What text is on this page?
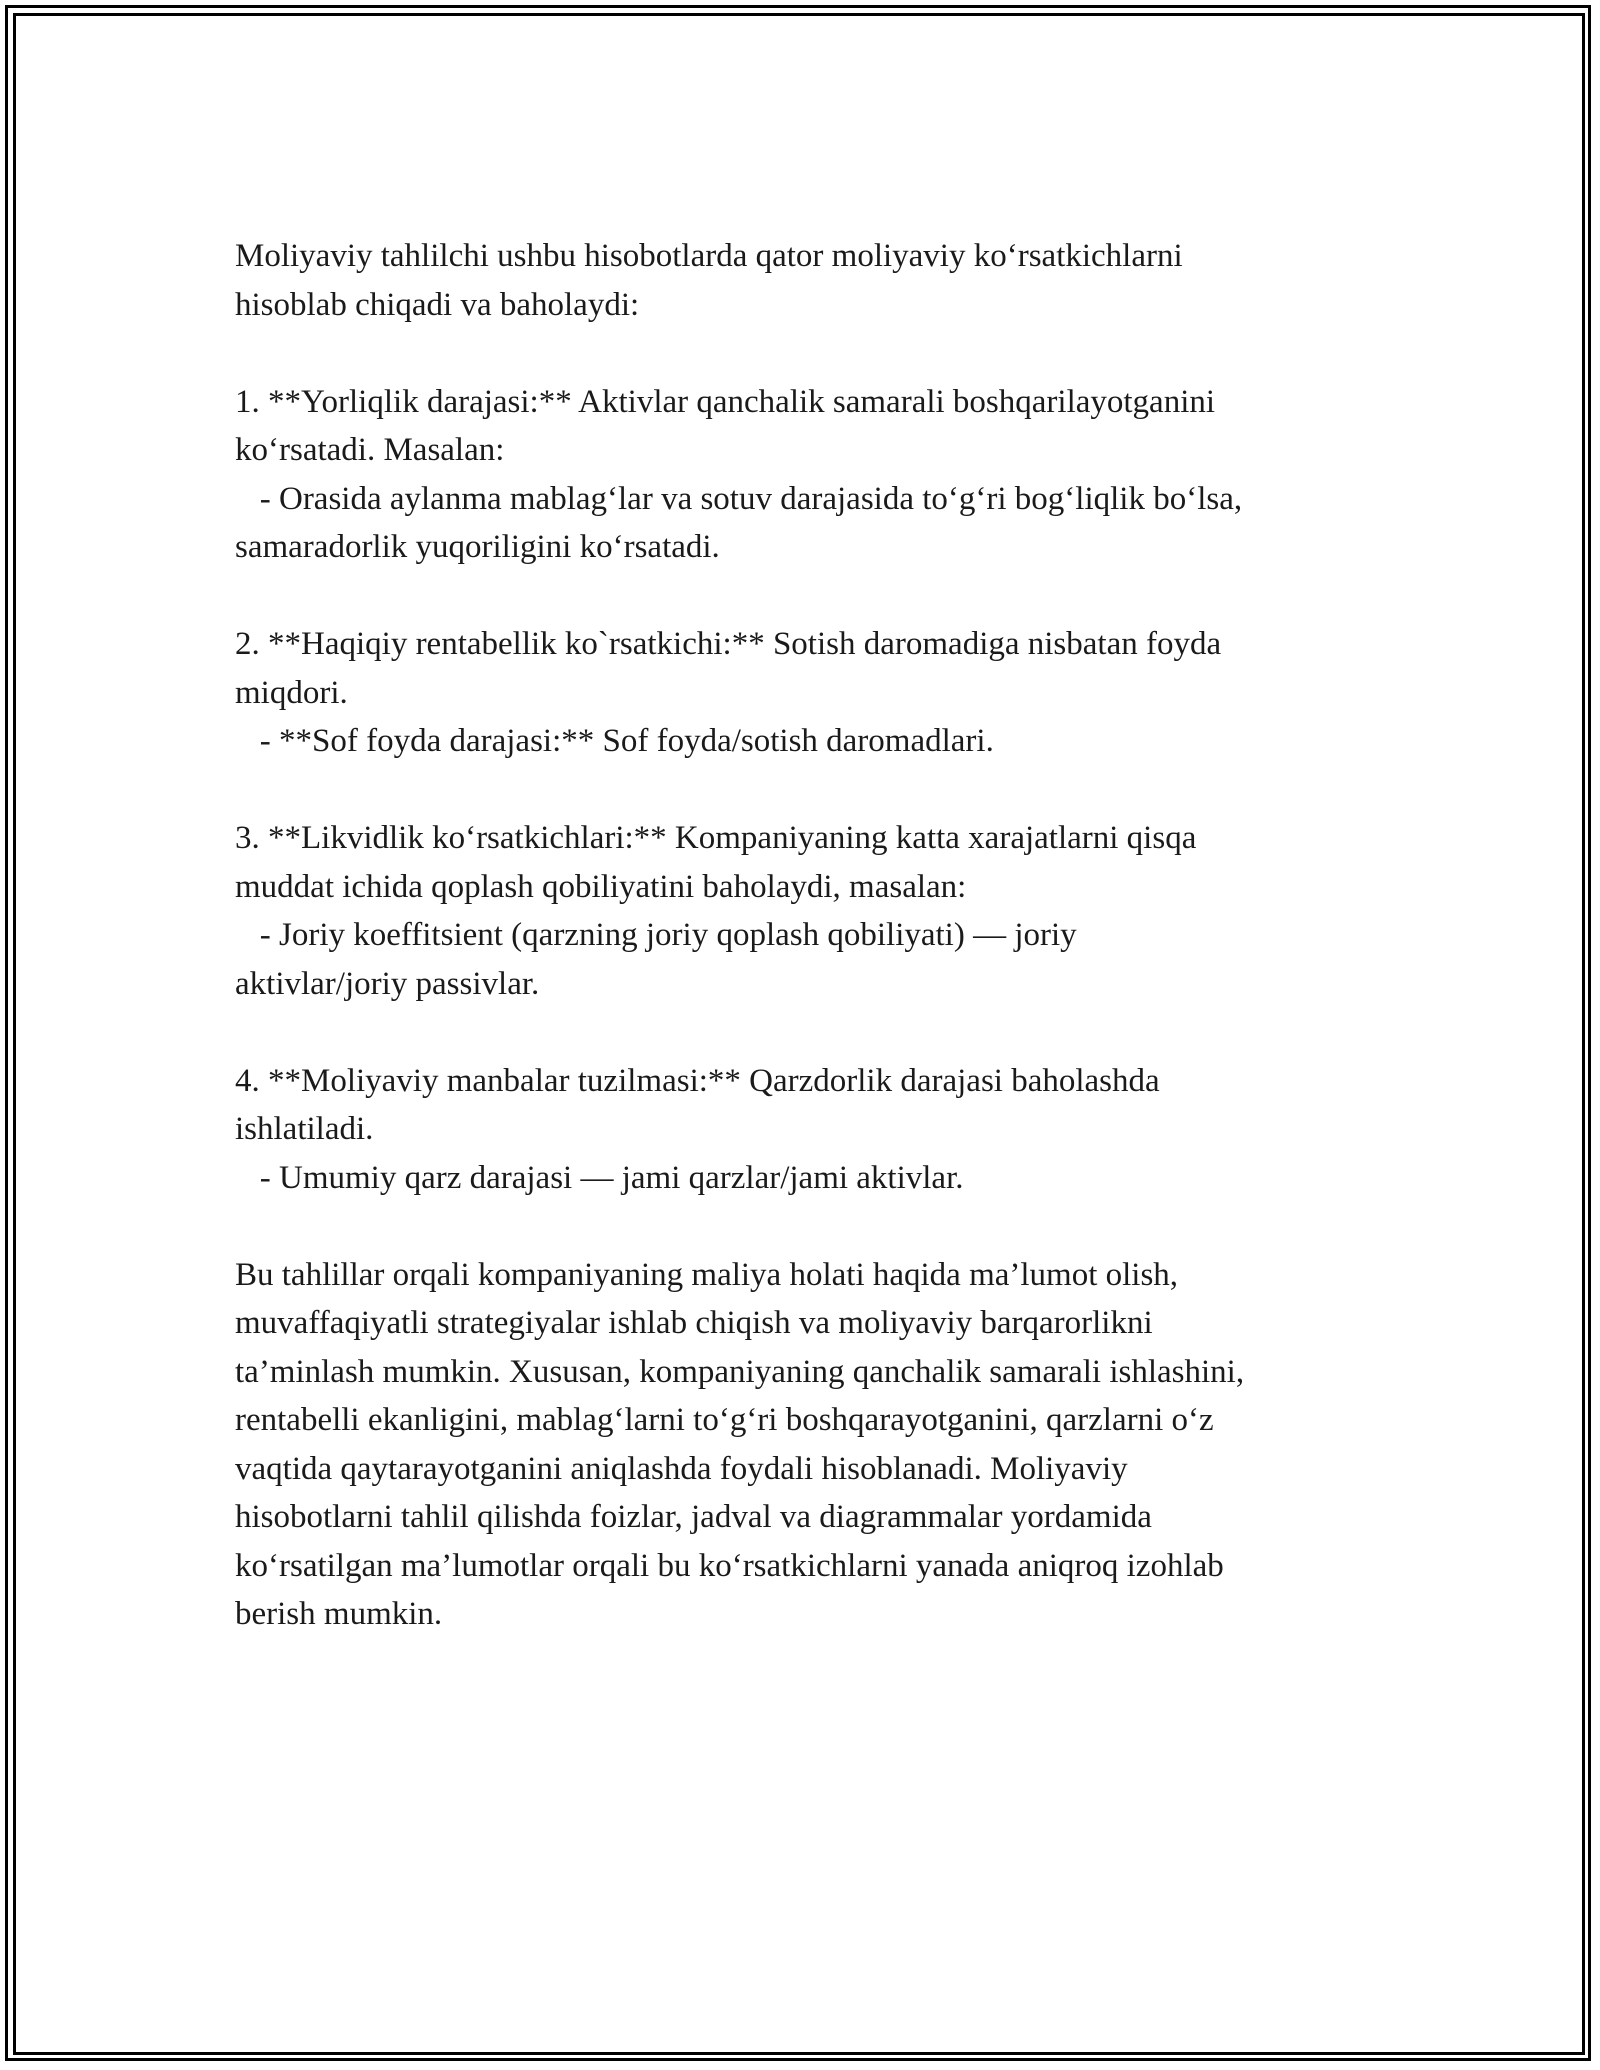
Moliyaviy tahlilchi ushbu hisobotlarda qator moliyaviy ko‘rsatkichlarni
hisoblab chiqadi va baholaydi:
1. **Yorliqlik darajasi:** Aktivlar qanchalik samarali boshqarilayotganini
ko‘rsatadi. Masalan:
- Orasida aylanma mablag‘lar va sotuv darajasida to‘g‘ri bog‘liqlik bo‘lsa,
samaradorlik yuqoriligini ko‘rsatadi.
2. **Haqiqiy rentabellik ko`rsatkichi:** Sotish daromadiga nisbatan foyda
miqdori.
- **Sof foyda darajasi:** Sof foyda/sotish daromadlari.
3. **Likvidlik ko‘rsatkichlari:** Kompaniyaning katta xarajatlarni qisqa
muddat ichida qoplash qobiliyatini baholaydi, masalan:
- Joriy koeffitsient (qarzning joriy qoplash qobiliyati) — joriy
aktivlar/joriy passivlar.
4. **Moliyaviy manbalar tuzilmasi:** Qarzdorlik darajasi baholashda
ishlatiladi.
- Umumiy qarz darajasi — jami qarzlar/jami aktivlar.
Bu tahlillar orqali kompaniyaning maliya holati haqida ma’lumot olish,
muvaffaqiyatli strategiyalar ishlab chiqish va moliyaviy barqarorlikni
ta’minlash mumkin. Xususan, kompaniyaning qanchalik samarali ishlashini,
rentabelli ekanligini, mablag‘larni to‘g‘ri boshqarayotganini, qarzlarni o‘z
vaqtida qaytarayotganini aniqlashda foydali hisoblanadi. Moliyaviy
hisobotlarni tahlil qilishda foizlar, jadval va diagrammalar yordamida
ko‘rsatilgan ma’lumotlar orqali bu ko‘rsatkichlarni yanada aniqroq izohlab
berish mumkin.
